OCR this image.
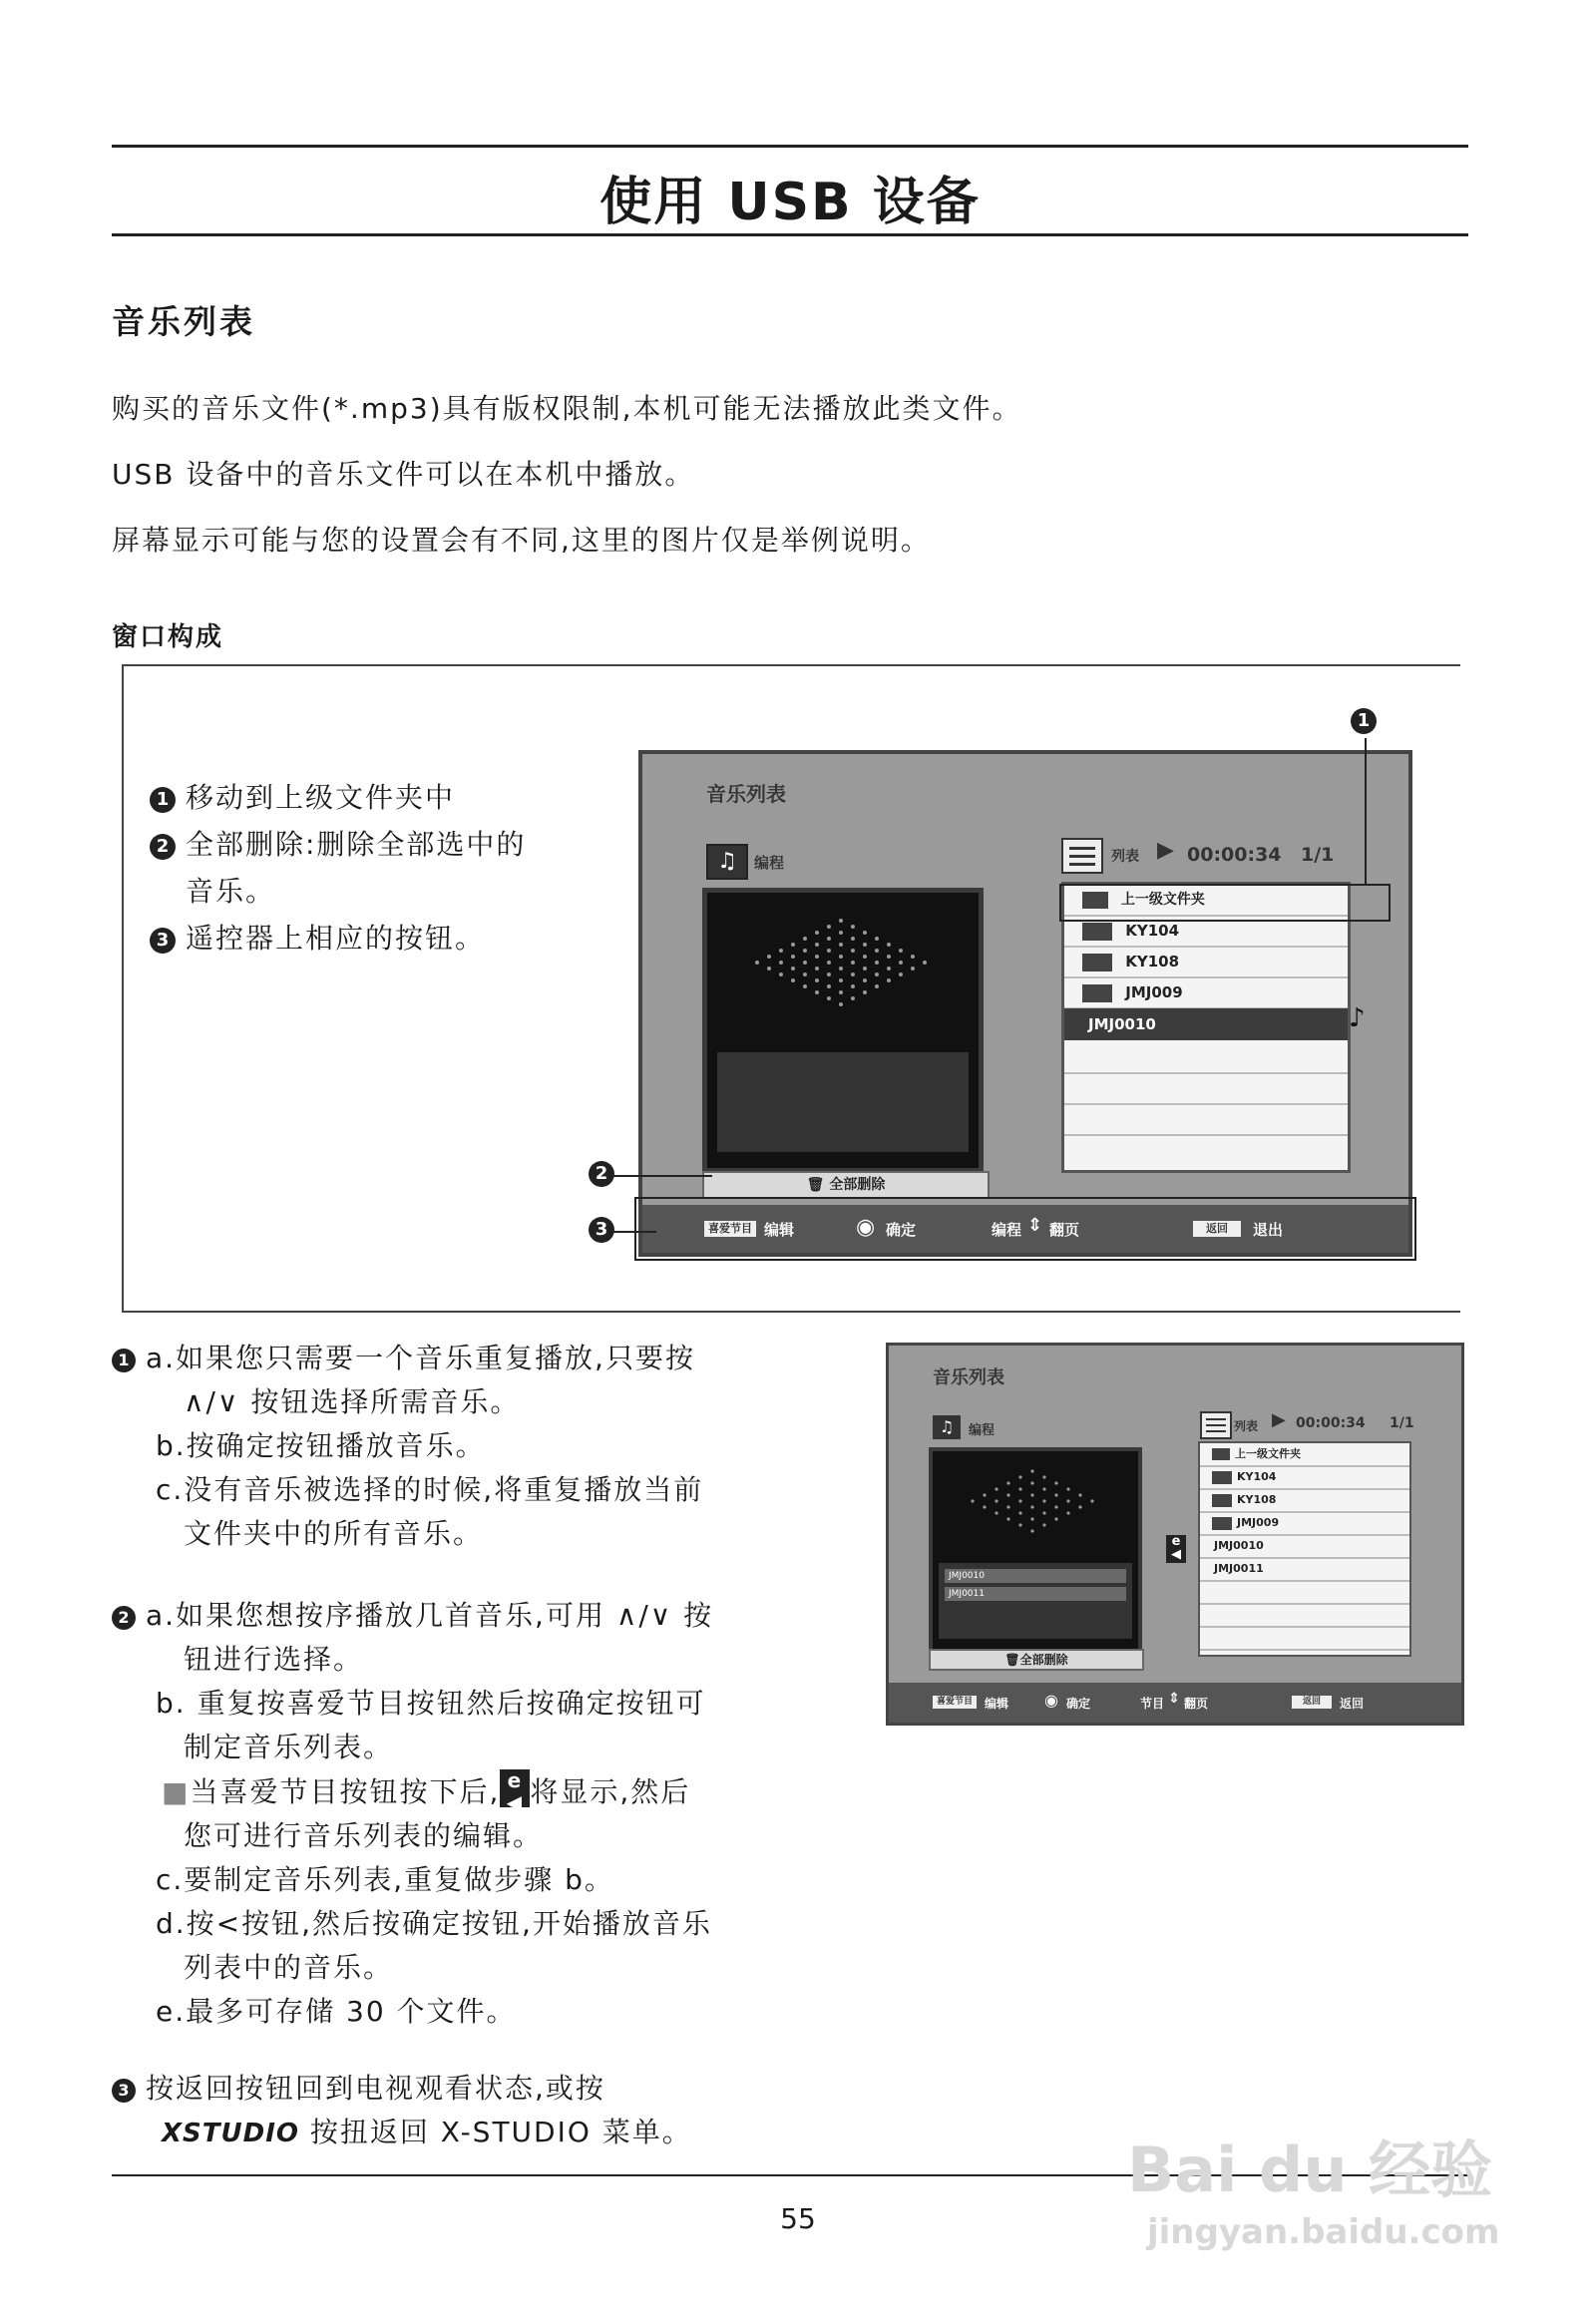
使用 USB 设备
音乐列表
购买的音乐文件(*.mp3)具有版权限制,本机可能无法播放此类文件。
USB 设备中的音乐文件可以在本机中播放。
屏幕显示可能与您的设置会有不同,这里的图片仅是举例说明。
窗口构成
1 移动到上级文件夹中
2 全部删除:删除全部选中的
音乐。
3 遥控器上相应的按钮。
音乐列表
♫	编程
🗑 全部删除
列表 ▶ 00:00:34 1/1
上一级文件夹
KY104
KY108
JMJ009
JMJ0010	♪
喜爱节目 编辑	◉ 确定	编程 ⇕ 翻页	返回	退出
1
2
3
1 a.如果您只需要一个音乐重复播放,只要按
∧/∨ 按钮选择所需音乐。
b.按确定按钮播放音乐。
c.没有音乐被选择的时候,将重复播放当前
文件夹中的所有音乐。
2 a.如果您想按序播放几首音乐,可用 ∧/∨ 按
钮进行选择。
b. 重复按喜爱节目按钮然后按确定按钮可
制定音乐列表。
■当喜爱节目按钮按下后, e
◀ 将显示,然后
您可进行音乐列表的编辑。
c.要制定音乐列表,重复做步骤 b。
d.按<按钮,然后按确定按钮,开始播放音乐
列表中的音乐。
e.最多可存储 30 个文件。
3 按返回按钮回到电视观看状态,或按
XSTUDIO 按扭返回 X-STUDIO 菜单。
音乐列表
♫	编程
JMJ0010
JMJ0011
🗑全部删除
列表 ▶ 00:00:34 1/1
上一级文件夹
KY104
KY108
JMJ009
JMJ0010
JMJ0011
e
◀
喜爱节目	编辑 ◉ 确定	节目 ⇕ 翻页	返回	返回
55
Bai du 经验
jingyan.baidu.com
